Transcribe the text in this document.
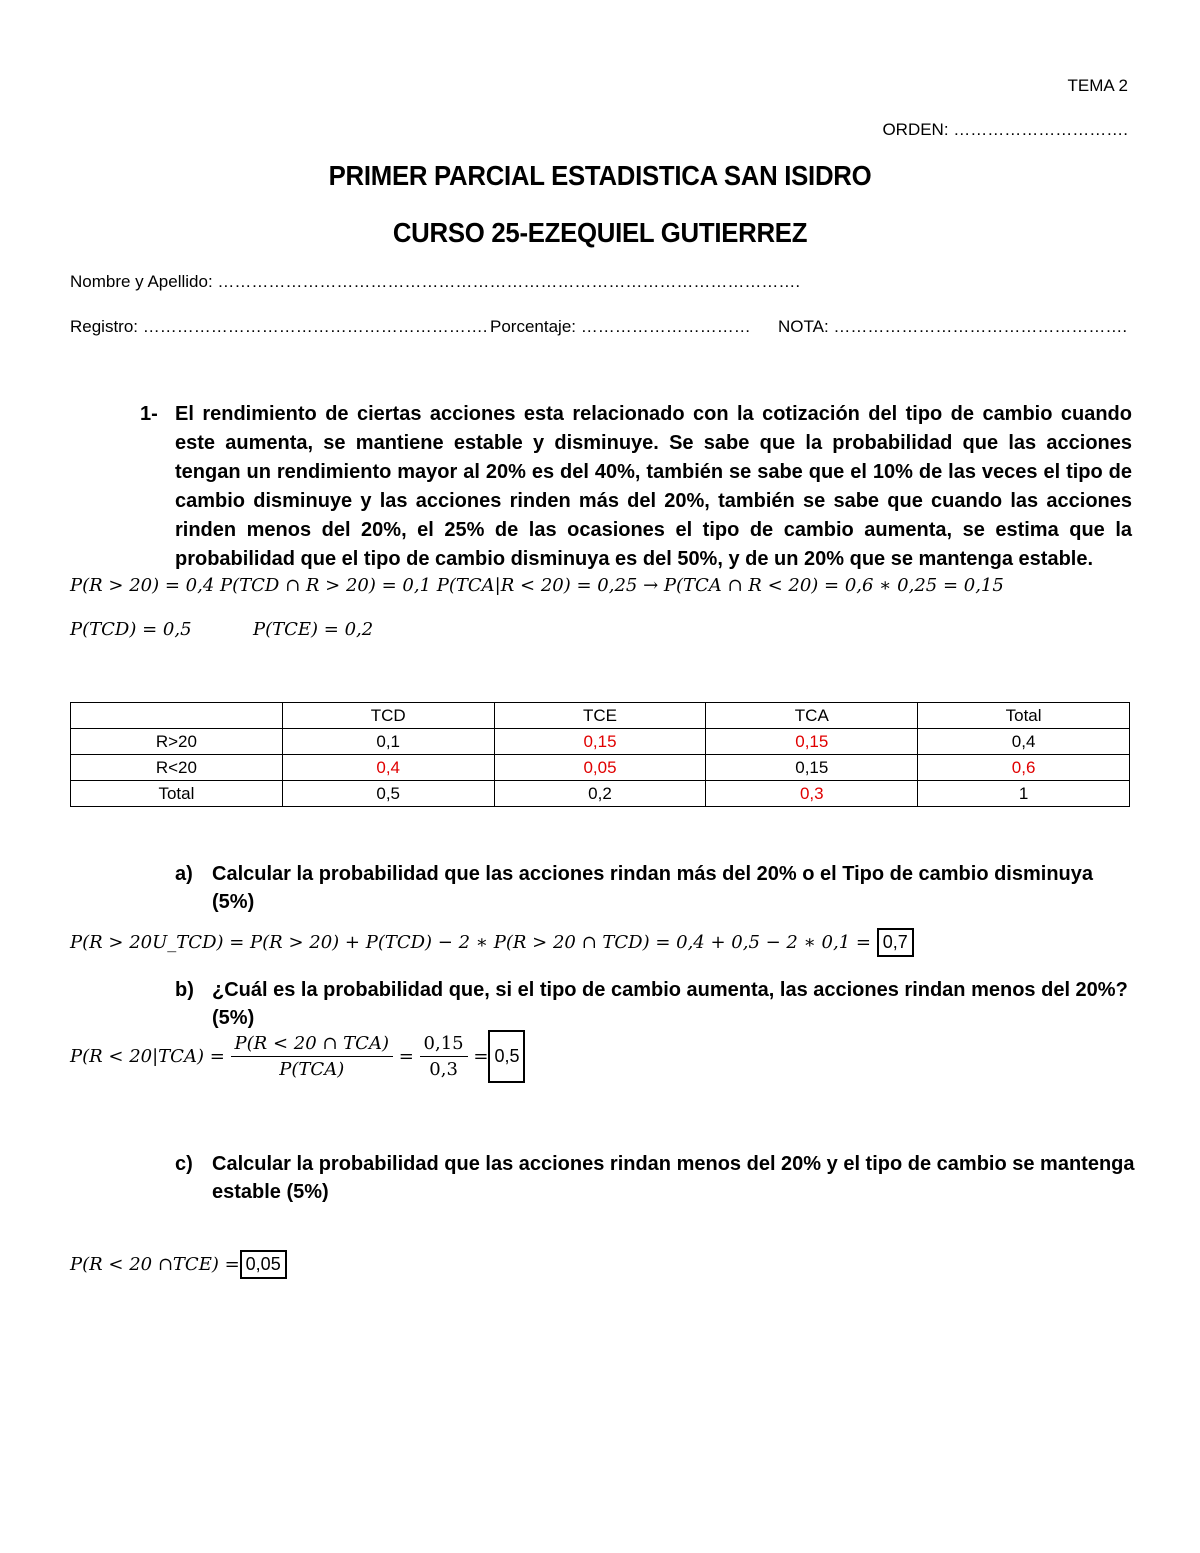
TEMA 2
ORDEN: ………………………….
PRIMER PARCIAL ESTADISTICA SAN ISIDRO
CURSO 25-EZEQUIEL GUTIERREZ
Nombre y Apellido: ………………………………………………………………………………………….
Registro: ……………………………………………………. Porcentaje: ………………………… NOTA: …………………………………………….
1- El rendimiento de ciertas acciones esta relacionado con la cotización del tipo de cambio cuando este aumenta, se mantiene estable y disminuye. Se sabe que la probabilidad que las acciones tengan un rendimiento mayor al 20% es del 40%, también se sabe que el 10% de las veces el tipo de cambio disminuye y las acciones rinden más del 20%, también se sabe que cuando las acciones rinden menos del 20%, el 25% de las ocasiones el tipo de cambio aumenta, se estima que la probabilidad que el tipo de cambio disminuya es del 50%, y de un 20% que se mantenga estable.
P(R > 20) = 0,4 P(TCD ∩ R > 20) = 0,1 P(TCA|R < 20) = 0,25 → P(TCA ∩ R < 20) = 0,6 ∗ 0,25 = 0,15
P(TCD) = 0,5	P(TCE) = 0,2
	TCD	TCE	TCA	Total
R>20	0,1	0,15	0,15	0,4
R<20	0,4	0,05	0,15	0,6
Total	0,5	0,2	0,3	1
a) Calcular la probabilidad que las acciones rindan más del 20% o el Tipo de cambio disminuya (5%)
P(R > 20U_TCD) = P(R > 20) + P(TCD) − 2 ∗ P(R > 20 ∩ TCD) = 0,4 + 0,5 − 2 ∗ 0,1 = 0,7
b) ¿Cuál es la probabilidad que, si el tipo de cambio aumenta, las acciones rindan menos del 20%? (5%)
$P(R < 20|TCA) = \frac{\text{P(R < 20 ∩ TCA)}}{\text{P(TCA)}} = \frac{0,15}{0,3} = 0,5$
c) Calcular la probabilidad que las acciones rindan menos del 20% y el tipo de cambio se mantenga estable (5%)
P(R < 20 ∩TCE) = 0,05
